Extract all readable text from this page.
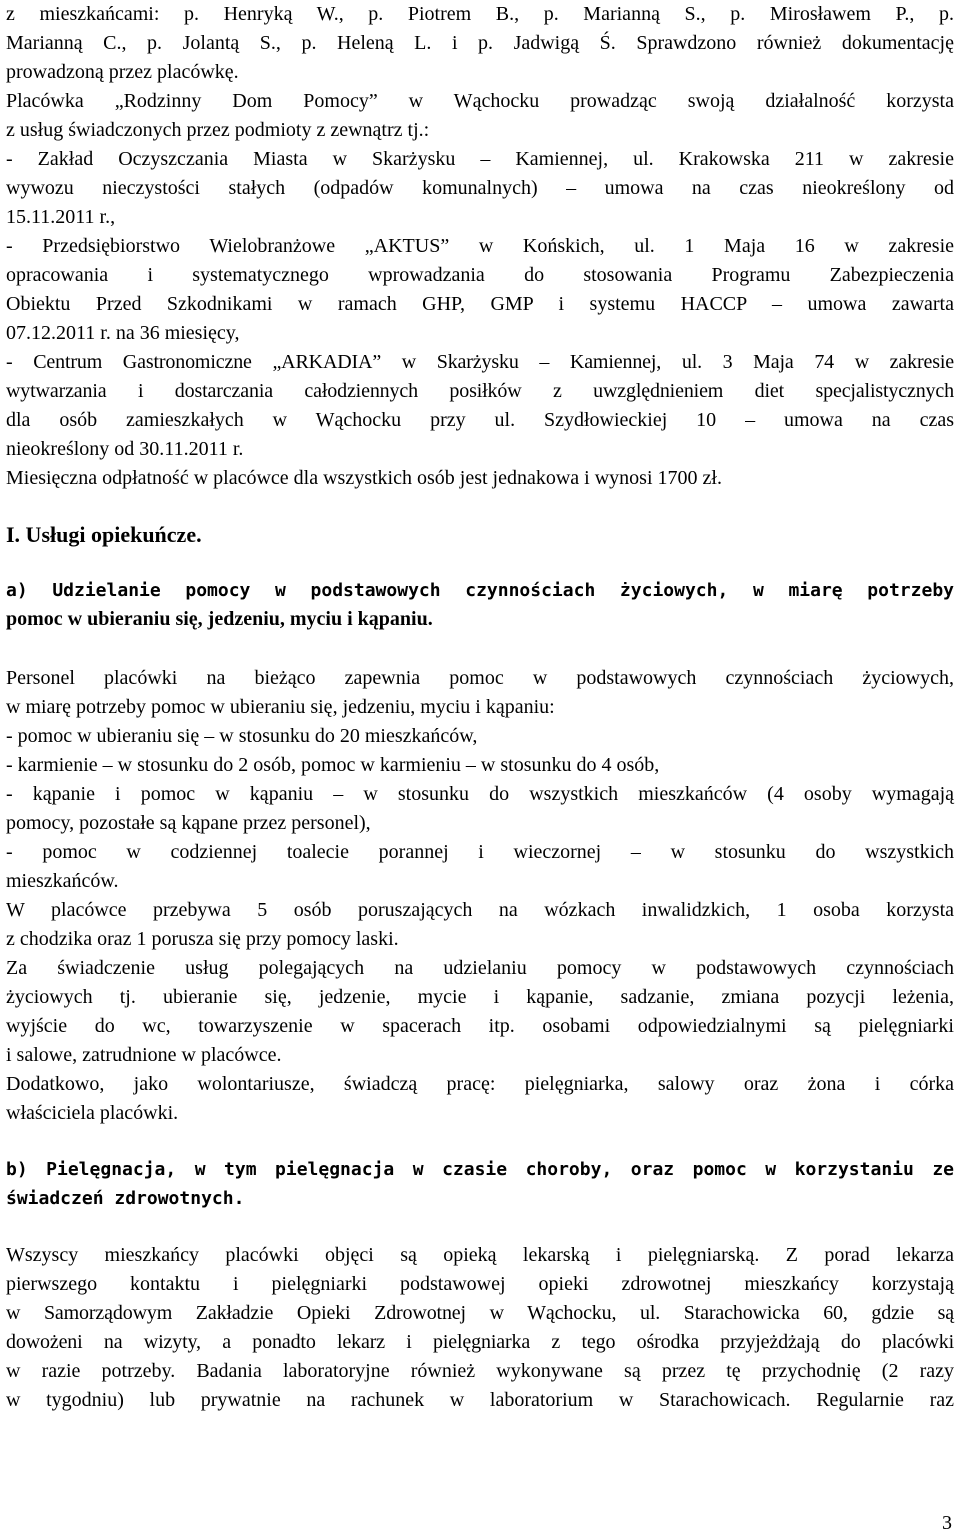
z mieszkańcami: p. Henryką W., p. Piotrem B., p. Marianną S., p. Mirosławem P., p.
Marianną C., p. Jolantą S., p. Heleną L. i p. Jadwigą Ś. Sprawdzono również dokumentację
prowadzoną przez placówkę.
Placówka „Rodzinny Dom Pomocy” w Wąchocku prowadząc swoją działalność korzysta
z usług świadczonych przez podmioty z zewnątrz tj.:
- Zakład Oczyszczania Miasta w Skarżysku – Kamiennej, ul. Krakowska 211 w zakresie
wywozu nieczystości stałych (odpadów komunalnych) – umowa na czas nieokreślony od
15.11.2011 r.,
- Przedsiębiorstwo Wielobranżowe „AKTUS” w Końskich, ul. 1 Maja 16 w zakresie
opracowania i systematycznego wprowadzania do stosowania Programu Zabezpieczenia
Obiektu Przed Szkodnikami w ramach GHP, GMP i systemu HACCP – umowa zawarta
07.12.2011 r. na 36 miesięcy,
- Centrum Gastronomiczne „ARKADIA” w Skarżysku – Kamiennej, ul. 3 Maja 74 w zakresie
wytwarzania i dostarczania całodziennych posiłków z uwzględnieniem diet specjalistycznych
dla osób zamieszkałych w Wąchocku przy ul. Szydłowieckiej 10 – umowa na czas
nieokreślony od 30.11.2011 r.
Miesięczna odpłatność w placówce dla wszystkich osób jest jednakowa i wynosi 1700 zł.
I. Usługi opiekuńcze.
a) Udzielanie pomocy w podstawowych czynnościach życiowych, w miarę potrzeby
pomoc w ubieraniu się, jedzeniu, myciu i kąpaniu.
Personel placówki na bieżąco zapewnia pomoc w podstawowych czynnościach życiowych,
w miarę potrzeby pomoc w ubieraniu się, jedzeniu, myciu i kąpaniu:
- pomoc w ubieraniu się – w stosunku do 20 mieszkańców,
- karmienie – w stosunku do 2 osób, pomoc w karmieniu – w stosunku do 4 osób,
- kąpanie i pomoc w kąpaniu – w stosunku do wszystkich mieszkańców (4 osoby wymagają
pomocy, pozostałe są kąpane przez personel),
- pomoc w codziennej toalecie porannej i wieczornej – w stosunku do wszystkich
mieszkańców.
W placówce przebywa 5 osób poruszających na wózkach inwalidzkich, 1 osoba korzysta
z chodzika oraz 1 porusza się przy pomocy laski.
Za świadczenie usług polegających na udzielaniu pomocy w podstawowych czynnościach
życiowych tj. ubieranie się, jedzenie, mycie i kąpanie, sadzanie, zmiana pozycji leżenia,
wyjście do wc, towarzyszenie w spacerach itp. osobami odpowiedzialnymi są pielęgniarki
i salowe, zatrudnione w placówce.
Dodatkowo, jako wolontariusze, świadczą pracę: pielęgniarka, salowy oraz żona i córka
właściciela placówki.
b) Pielęgnacja, w tym pielęgnacja w czasie choroby, oraz pomoc w korzystaniu ze
świadczeń zdrowotnych.
Wszyscy mieszkańcy placówki objęci są opieką lekarską i pielęgniarską. Z porad lekarza
pierwszego kontaktu i pielęgniarki podstawowej opieki zdrowotnej mieszkańcy korzystają
w Samorządowym Zakładzie Opieki Zdrowotnej w Wąchocku, ul. Starachowicka 60, gdzie są
dowożeni na wizyty, a ponadto lekarz i pielęgniarka z tego ośrodka przyjeżdżają do placówki
w razie potrzeby. Badania laboratoryjne również wykonywane są przez tę przychodnię (2 razy
w tygodniu) lub prywatnie na rachunek w laboratorium w Starachowicach. Regularnie raz
3
